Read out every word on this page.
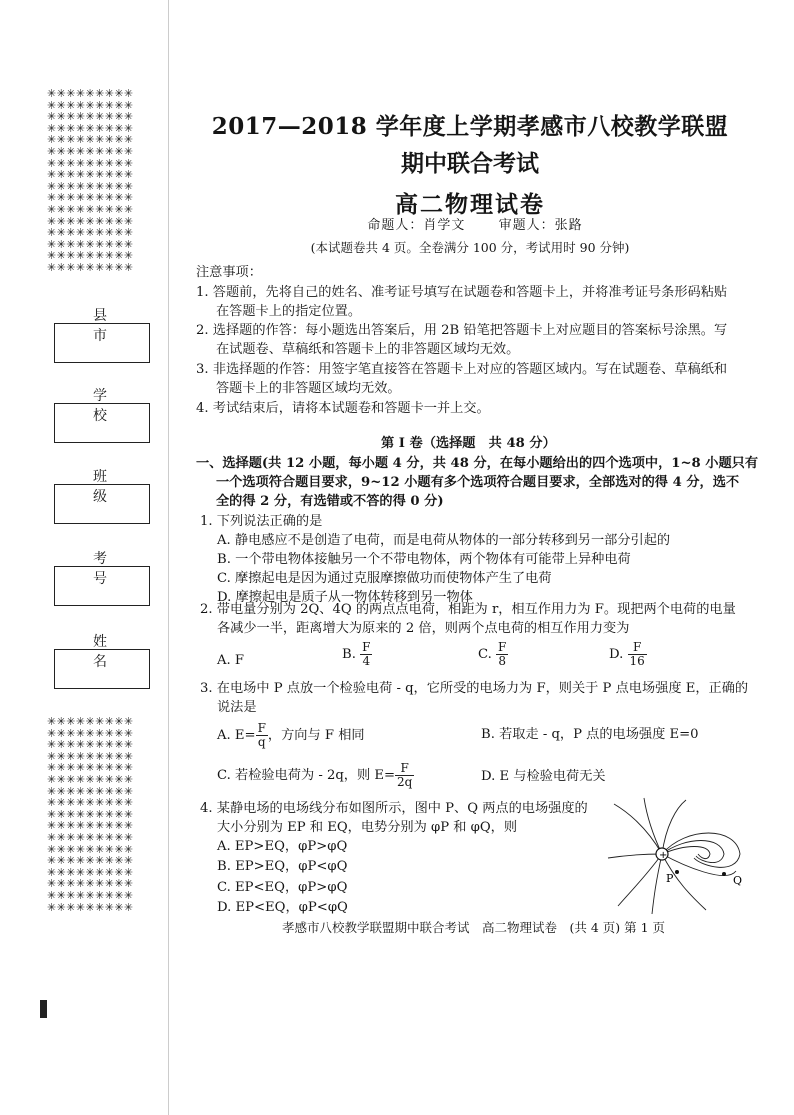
✳✳✳✳✳✳✳✳✳
✳✳✳✳✳✳✳✳✳
✳✳✳✳✳✳✳✳✳
✳✳✳✳✳✳✳✳✳
✳✳✳✳✳✳✳✳✳
✳✳✳✳✳✳✳✳✳
✳✳✳✳✳✳✳✳✳
✳✳✳✳✳✳✳✳✳
✳✳✳✳✳✳✳✳✳
✳✳✳✳✳✳✳✳✳
✳✳✳✳✳✳✳✳✳
✳✳✳✳✳✳✳✳✳
✳✳✳✳✳✳✳✳✳
✳✳✳✳✳✳✳✳✳
✳✳✳✳✳✳✳✳✳
✳✳✳✳✳✳✳✳✳
✳✳✳✳✳✳✳✳✳
✳✳✳✳✳✳✳✳✳
✳✳✳✳✳✳✳✳✳
✳✳✳✳✳✳✳✳✳
✳✳✳✳✳✳✳✳✳
✳✳✳✳✳✳✳✳✳
✳✳✳✳✳✳✳✳✳
✳✳✳✳✳✳✳✳✳
✳✳✳✳✳✳✳✳✳
✳✳✳✳✳✳✳✳✳
✳✳✳✳✳✳✳✳✳
✳✳✳✳✳✳✳✳✳
✳✳✳✳✳✳✳✳✳
✳✳✳✳✳✳✳✳✳
✳✳✳✳✳✳✳✳✳
✳✳✳✳✳✳✳✳✳
✳✳✳✳✳✳✳✳✳
县 市
学 校
班 级
考 号
姓 名
2017—2018 学年度上学期孝感市八校教学联盟
期中联合考试
高二物理试卷
命题人：肖学文	审题人：张路
(本试题卷共 4 页。全卷满分 100 分，考试用时 90 分钟)
注意事项：
1. 答题前，先将自己的姓名、准考证号填写在试题卷和答题卡上，并将准考证号条形码粘贴
在答题卡上的指定位置。
2. 选择题的作答：每小题选出答案后，用 2B 铅笔把答题卡上对应题目的答案标号涂黑。写
在试题卷、草稿纸和答题卡上的非答题区域均无效。
3. 非选择题的作答：用签字笔直接答在答题卡上对应的答题区域内。写在试题卷、草稿纸和
答题卡上的非答题区域均无效。
4. 考试结束后，请将本试题卷和答题卡一并上交。
第 I 卷（选择题　共 48 分）
一、选择题(共 12 小题，每小题 4 分，共 48 分，在每小题给出的四个选项中，1~8 小题只有
一个选项符合题目要求，9~12 小题有多个选项符合题目要求，全部选对的得 4 分，选不
全的得 2 分，有选错或不答的得 0 分)
1. 下列说法正确的是
A. 静电感应不是创造了电荷，而是电荷从物体的一部分转移到另一部分引起的
B. 一个带电物体接触另一个不带电物体，两个物体有可能带上异种电荷
C. 摩擦起电是因为通过克服摩擦做功而使物体产生了电荷
D. 摩擦起电是质子从一物体转移到另一物体
2. 带电量分别为 2Q、4Q 的两点点电荷，相距为 r，相互作用力为 F。现把两个电荷的电量
各减少一半，距离增大为原来的 2 倍，则两个点电荷的相互作用力变为
A. F	B. $\frac{F}{4}$	C. $\frac{F}{8}$	D. $\frac{F}{16}$
3. 在电场中 P 点放一个检验电荷 - q，它所受的电场力为 F，则关于 P 点电场强度 E，正确的
说法是
A. $E= \frac{F}{q}$ ，方向与 F 相同	B. 若取走 - q，P 点的电场强度 E=0
C. 若检验电荷为 - 2q，则 $E= \frac{F}{2q}$	D. E 与检验电荷无关
4. 某静电场的电场线分布如图所示，图中 P、Q 两点的电场强度的
大小分别为 EP 和 EQ，电势分别为 φP 和 φQ，则
A. EP>EQ，φP>φQ
B. EP>EQ，φP<φQ
C. EP<EQ，φP>φQ
D. EP<EQ，φP<φQ
+
P	Q
孝感市八校教学联盟期中联合考试　高二物理试卷　(共 4 页) 第 1 页
